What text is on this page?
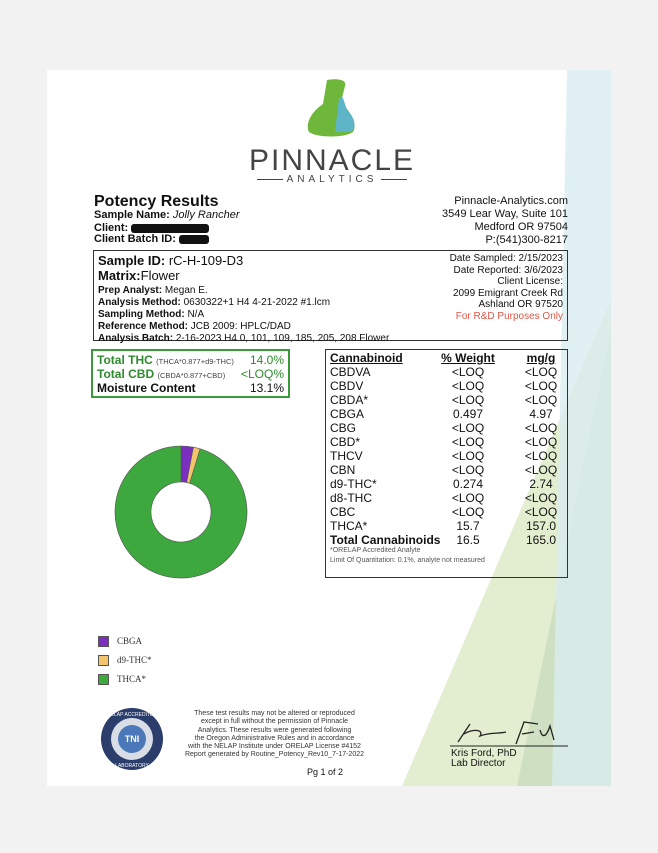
PINNACLE
ANALYTICS
Potency Results
Sample Name: Jolly Rancher
Client:
Client Batch ID:
Pinnacle-Analytics.com
3549 Lear Way, Suite 101
Medford OR 97504
P:(541)300-8217
Sample ID: rC-H-109-D3
Matrix:Flower
Prep Analyst: Megan E.
Analysis Method: 0630322+1 H4 4-21-2022 #1.lcm
Sampling Method: N/A
Reference Method: JCB 2009: HPLC/DAD
Analysis Batch: 2-16-2023 H4 0, 101, 109, 185, 205, 208 Flower
Date Sampled: 2/15/2023
Date Reported: 3/6/2023
Client License:
2099 Emigrant Creek Rd
Ashland OR 97520
For R&D Purposes Only
Total THC (THCA*0.877+d9-THC) 14.0%
Total CBD (CBDA*0.877+CBD) <LOQ%
Moisture Content	13.1%
Cannabinoid	% Weight	mg/g
CBDVA	<LOQ	<LOQ
CBDV	<LOQ	<LOQ
CBDA*	<LOQ	<LOQ
CBGA	0.497	4.97
CBG	<LOQ	<LOQ
CBD*	<LOQ	<LOQ
THCV	<LOQ	<LOQ
CBN	<LOQ	<LOQ
d9-THC*	0.274	2.74
d8-THC	<LOQ	<LOQ
CBC	<LOQ	<LOQ
THCA*	15.7	157.0
Total Cannabinoids	16.5	165.0
*ORELAP Accredited Analyte
Limit Of Quantitation: 0.1%, analyte not measured
CBGA
d9-THC*
THCA*
TNI
NELAP ACCREDITED
LABORATORY
These test results may not be altered or reproduced
except in full without the permission of Pinnacle
Analytics. These results were generated following
the Oregon Administrative Rules and in accordance
with the NELAP Institute under ORELAP License #4152
Report generated by Routine_Potency_Rev10_7-17-2022	Kris Ford, PhD
Lab Director
Pg 1 of 2
